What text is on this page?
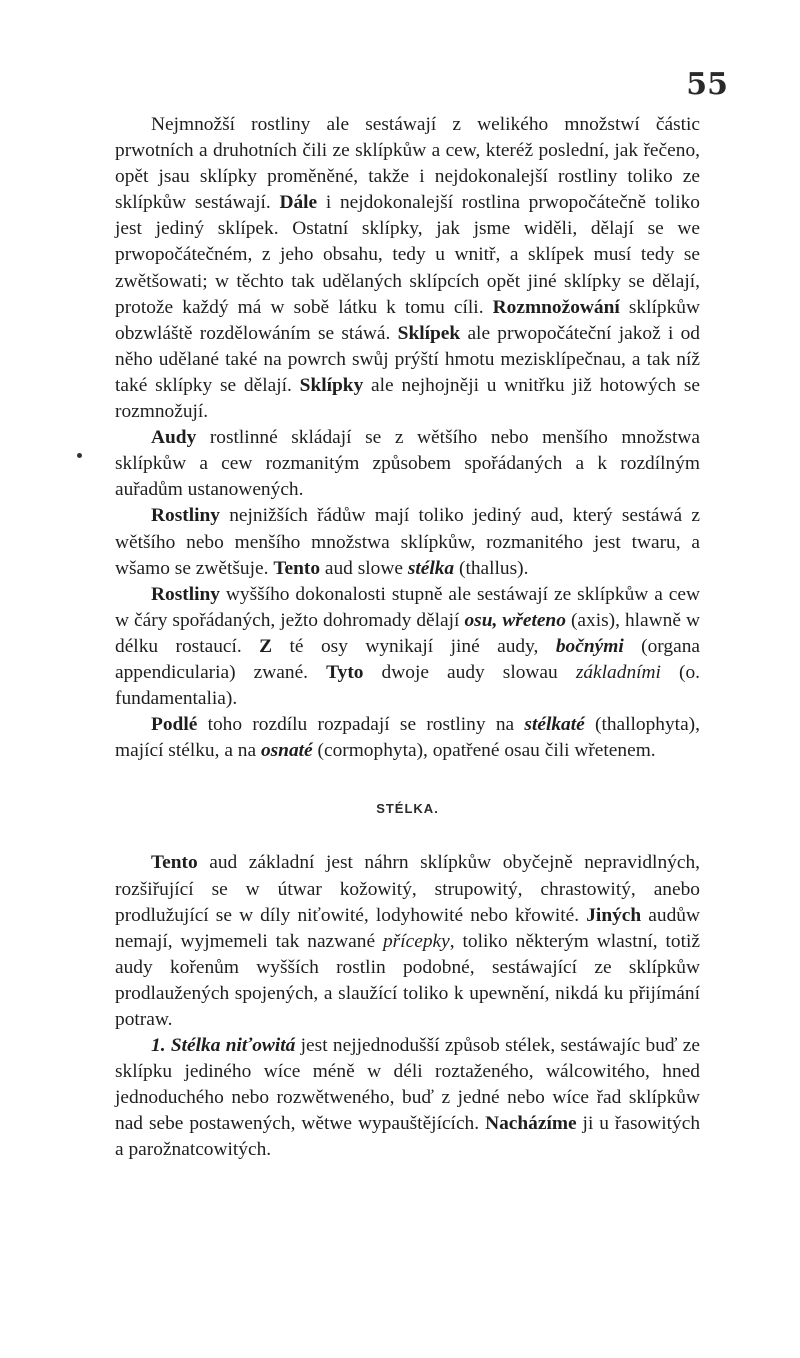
55

Nejmnožší rostliny ale sestáwají z welikého množstwí částic prwotních a druhotních čili ze sklípkůw a cew, kteréž poslední, jak řečeno, opět jsau sklípky proměněné, takže i nejdokonalejší rostliny toliko ze sklípkůw sestáwají. Dále i nejdokonalejší rostlina prwopočátečně toliko jest jediný sklípek. Ostatní sklípky, jak jsme widěli, dělají se we prwopočátečném, z jeho obsahu, tedy u wnitř, a sklípek musí tedy se zwětšowati; w těchto tak udělaných sklípcích opět jiné sklípky se dělají, protože každý má w sobě látku k tomu cíli. Rozmnožowání sklípkůw obzwláště rozdělowáním se stáwá. Sklípek ale prwopočáteční jakož i od něho udělané také na powrch swůj prýští hmotu mezisklípečnau, a tak níž také sklípky se dělají. Sklípky ale nejhojněji u wnitřku již hotowých se rozmnožují.

Audy rostlinné skládají se z wětšího nebo menšího množstwa sklípkůw a cew rozmanitým způsobem spořádaných a k rozdílným auřadům ustanowených.

Rostliny nejnižších řádůw mají toliko jediný aud, který sestáwá z wětšího nebo menšího množstwa sklípkůw, rozmanitého jest twaru, a wšamo se zwětšuje. Tento aud slowe stélka (thallus).

Rostliny wyššího dokonalosti stupně ale sestáwají ze sklípkůw a cew w čáry spořádaných, ježto dohromady dělají osu, wřeteno (axis), hlawně w délku rostaucí. Z té osy wynikají jiné audy, bočnými (organa appendicularia) zwané. Tyto dwoje audy slowau základními (o. fundamentalia).

Podlé toho rozdílu rozpadají se rostliny na stélkaté (thallophyta), mající stélku, a na osnaté (cormophyta), opatřené osau čili wřetenem.

STÉLKA.

Tento aud základní jest náhrn sklípkůw obyčejně nepravidlných, rozšiřující se w útwar kožowitý, strupowitý, chrastowitý, anebo prodlužující se w díly niťowité, lodyhowité nebo křowité. Jiných audůw nemají, wyjmemeli tak nazwané přícepky, toliko některým wlastní, totiž audy kořenům wyšších rostlin podobné, sestáwající ze sklípkůw prodlaužených spojených, a slaužící toliko k upewnění, nikdá ku přijímání potraw.

1. Stélka niťowitá jest nejjednodušší způsob stélek, sestáwajíc buď ze sklípku jediného wíce méně w déli roztaženého, wálcowitého, hned jednoduchého nebo rozwětweného, buď z jedné nebo wíce řad sklípkůw nad sebe postawených, wětwe wypauštějících. Nacházíme ji u řasowitých a parožnatcowitých.
